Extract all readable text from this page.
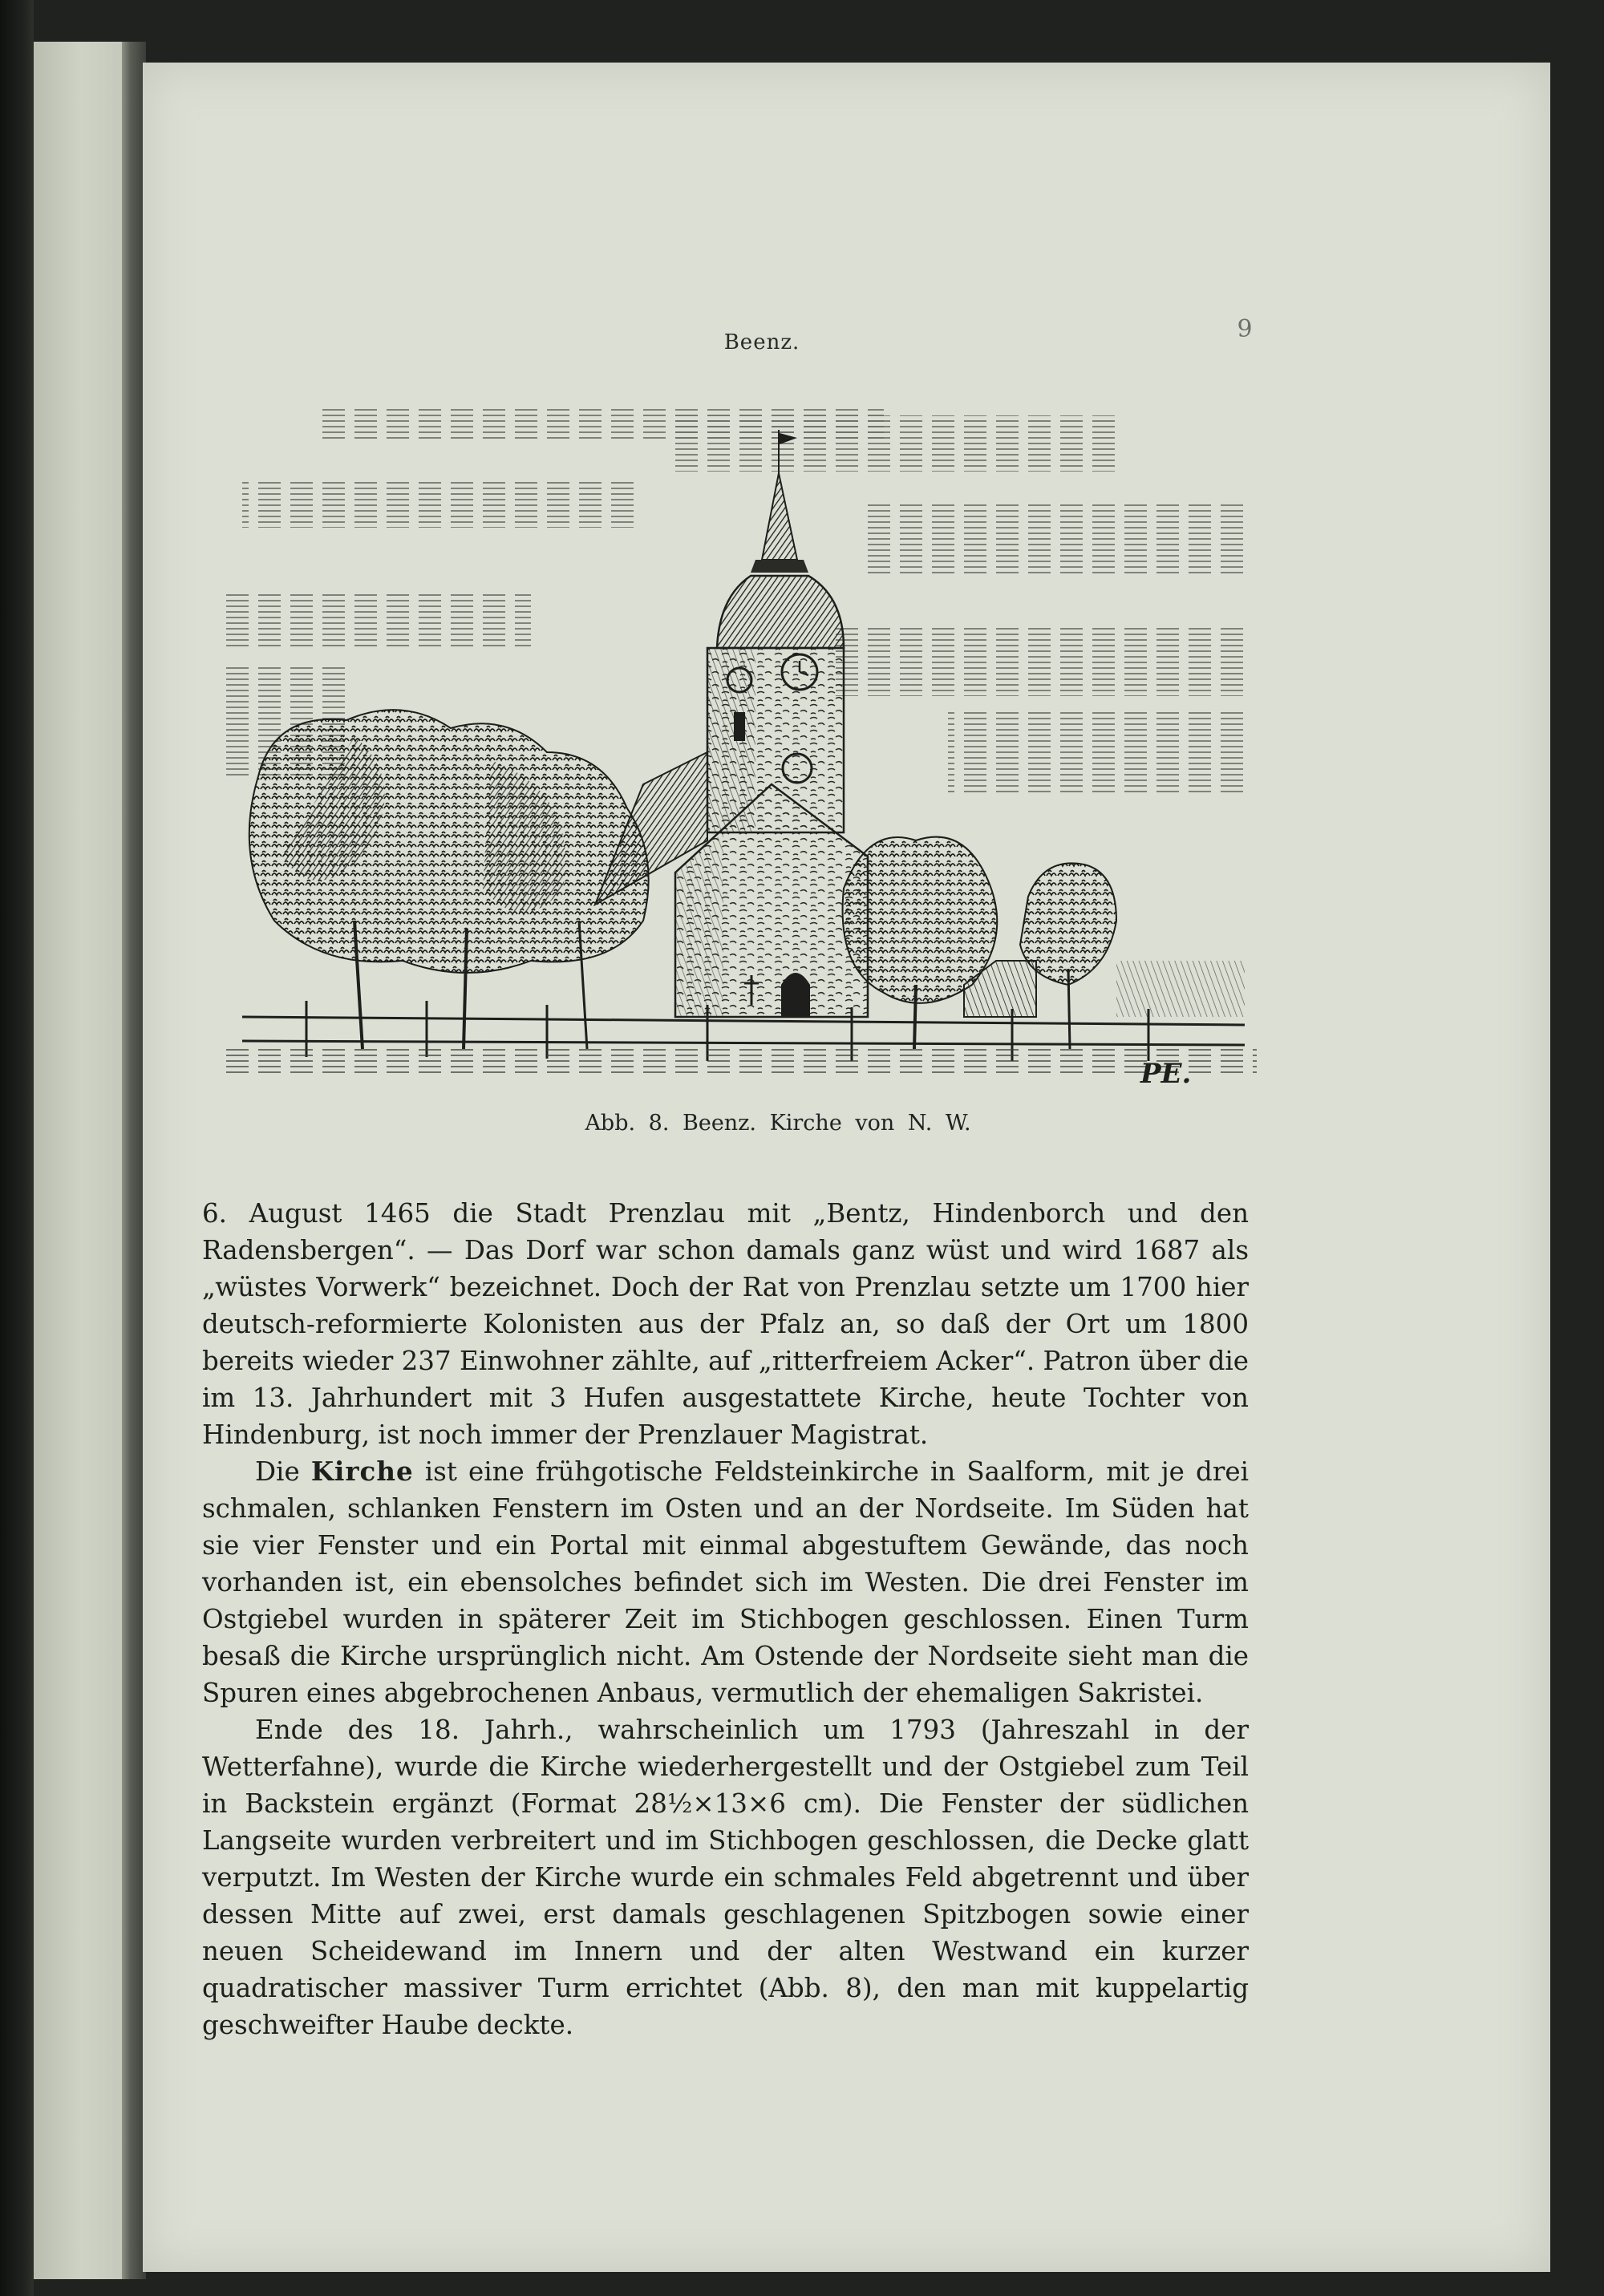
Beenz.	9
PE.
Abb. 8. Beenz. Kirche von N. W.

6. August 1465 die Stadt Prenzlau mit „Bentz, Hindenborch und den Radensbergen“. — Das Dorf war schon damals ganz wüst und wird 1687 als „wüstes Vorwerk“ bezeichnet. Doch der Rat von Prenzlau setzte um 1700 hier deutsch-reformierte Kolonisten aus der Pfalz an, so daß der Ort um 1800 bereits wieder 237 Einwohner zählte, auf „ritterfreiem Acker“. Patron über die im 13. Jahrhundert mit 3 Hufen ausgestattete Kirche, heute Tochter von Hindenburg, ist noch immer der Prenzlauer Magistrat.

Die Kirche ist eine frühgotische Feldsteinkirche in Saalform, mit je drei schmalen, schlanken Fenstern im Osten und an der Nordseite. Im Süden hat sie vier Fenster und ein Portal mit einmal abgestuftem Gewände, das noch vorhanden ist, ein ebensolches befindet sich im Westen. Die drei Fenster im Ostgiebel wurden in späterer Zeit im Stichbogen geschlossen. Einen Turm besaß die Kirche ursprünglich nicht. Am Ostende der Nordseite sieht man die Spuren eines abgebrochenen Anbaus, vermutlich der ehemaligen Sakristei.

Ende des 18. Jahrh., wahrscheinlich um 1793 (Jahreszahl in der Wetterfahne), wurde die Kirche wiederhergestellt und der Ostgiebel zum Teil in Backstein ergänzt (Format 28½×13×6 cm). Die Fenster der südlichen Langseite wurden verbreitert und im Stichbogen geschlossen, die Decke glatt verputzt. Im Westen der Kirche wurde ein schmales Feld abgetrennt und über dessen Mitte auf zwei, erst damals geschlagenen Spitzbogen sowie einer neuen Scheidewand im Innern und der alten Westwand ein kurzer quadratischer massiver Turm errichtet (Abb. 8), den man mit kuppelartig geschweifter Haube deckte.
